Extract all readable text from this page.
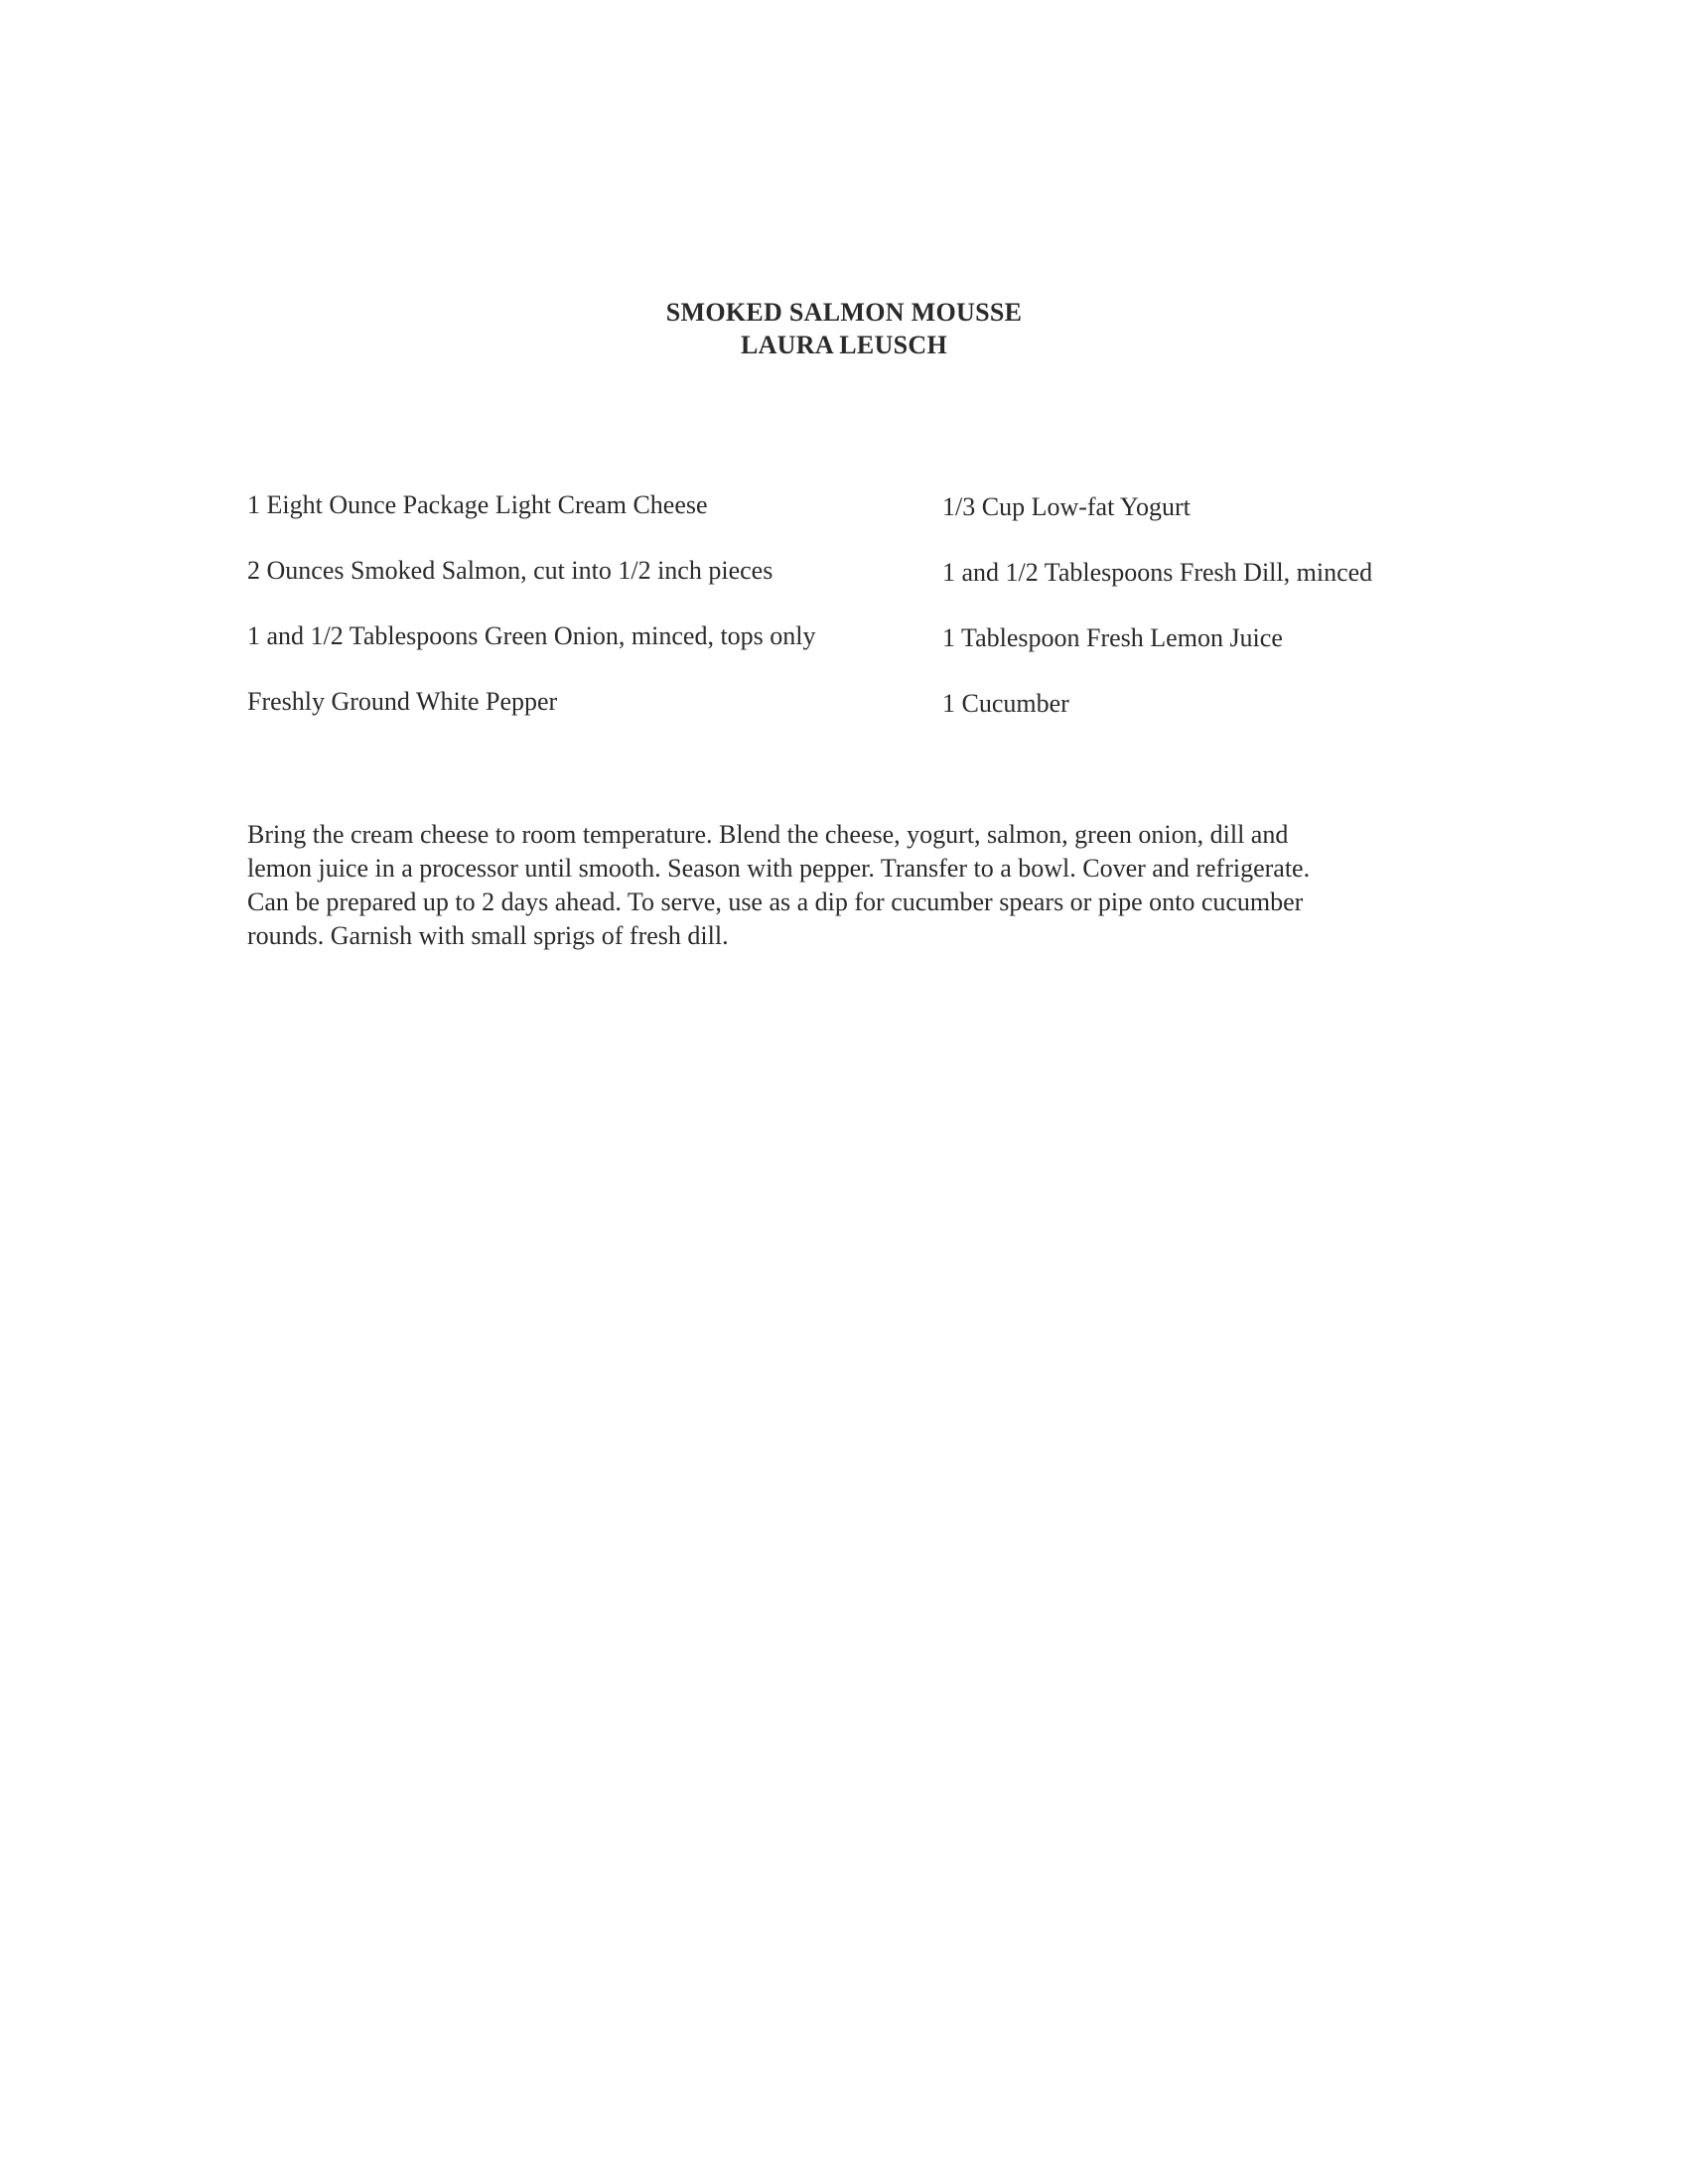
SMOKED SALMON MOUSSE
LAURA LEUSCH
1 Eight Ounce Package Light Cream Cheese	1/3 Cup Low-fat Yogurt
2 Ounces Smoked Salmon, cut into 1/2 inch pieces	1 and 1/2 Tablespoons Fresh Dill, minced
1 and 1/2 Tablespoons Green Onion, minced, tops only	1 Tablespoon Fresh Lemon Juice
Freshly Ground White Pepper	1 Cucumber
Bring the cream cheese to room temperature. Blend the cheese, yogurt, salmon, green onion, dill and
lemon juice in a processor until smooth. Season with pepper. Transfer to a bowl. Cover and refrigerate.
Can be prepared up to 2 days ahead. To serve, use as a dip for cucumber spears or pipe onto cucumber
rounds. Garnish with small sprigs of fresh dill.
